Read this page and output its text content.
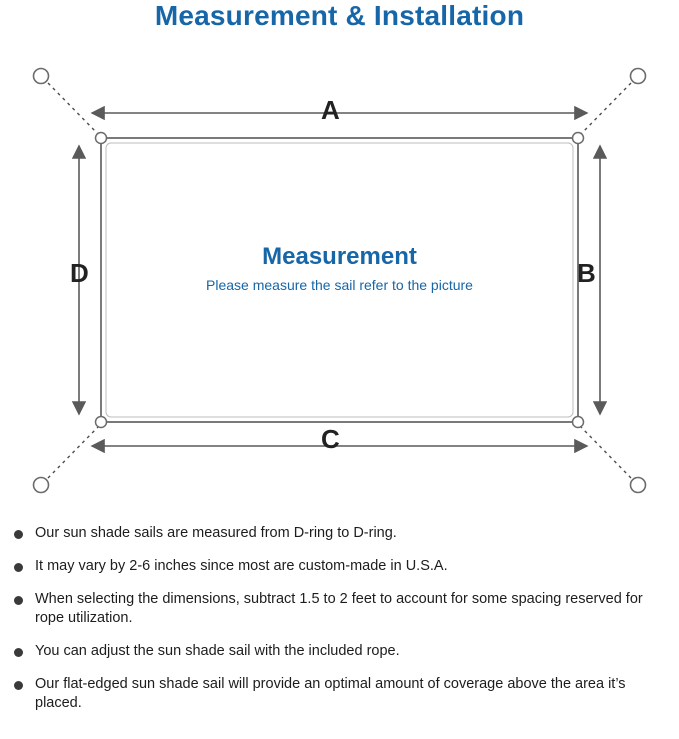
Measurement & Installation
A
B
C
D
Measurement
Please measure the sail refer to the picture
Our sun shade sails are measured from D-ring to D-ring.
It may vary by 2-6 inches since most are custom-made in U.S.A.
When selecting the dimensions, subtract 1.5 to 2 feet to account for some spacing reserved for rope utilization.
You can adjust the sun shade sail with the included rope.
Our flat-edged sun shade sail will provide an optimal amount of coverage above the area it’s placed.
